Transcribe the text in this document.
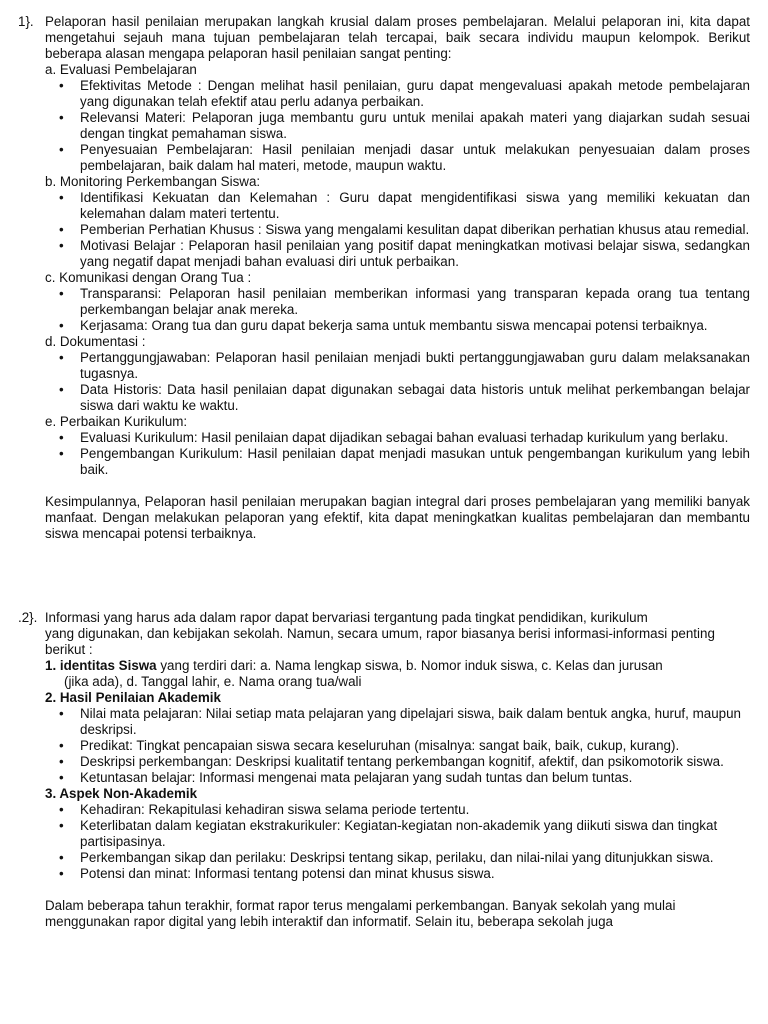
1}. Pelaporan hasil penilaian merupakan langkah krusial dalam proses pembelajaran. Melalui pelaporan ini, kita dapat mengetahui sejauh mana tujuan pembelajaran telah tercapai, baik secara individu maupun kelompok. Berikut beberapa alasan mengapa pelaporan hasil penilaian sangat penting:
a. Evaluasi Pembelajaran
• Efektivitas Metode : Dengan melihat hasil penilaian, guru dapat mengevaluasi apakah metode pembelajaran yang digunakan telah efektif atau perlu adanya perbaikan.
• Relevansi Materi: Pelaporan juga membantu guru untuk menilai apakah materi yang diajarkan sudah sesuai dengan tingkat pemahaman siswa.
• Penyesuaian Pembelajaran: Hasil penilaian menjadi dasar untuk melakukan penyesuaian dalam proses pembelajaran, baik dalam hal materi, metode, maupun waktu.
b. Monitoring Perkembangan Siswa:
• Identifikasi Kekuatan dan Kelemahan : Guru dapat mengidentifikasi siswa yang memiliki kekuatan dan kelemahan dalam materi tertentu.
• Pemberian Perhatian Khusus : Siswa yang mengalami kesulitan dapat diberikan perhatian khusus atau remedial.
• Motivasi Belajar : Pelaporan hasil penilaian yang positif dapat meningkatkan motivasi belajar siswa, sedangkan yang negatif dapat menjadi bahan evaluasi diri untuk perbaikan.
c. Komunikasi dengan Orang Tua :
• Transparansi: Pelaporan hasil penilaian memberikan informasi yang transparan kepada orang tua tentang perkembangan belajar anak mereka.
• Kerjasama: Orang tua dan guru dapat bekerja sama untuk membantu siswa mencapai potensi terbaiknya.
d. Dokumentasi :
• Pertanggungjawaban: Pelaporan hasil penilaian menjadi bukti pertanggungjawaban guru dalam melaksanakan tugasnya.
• Data Historis: Data hasil penilaian dapat digunakan sebagai data historis untuk melihat perkembangan belajar siswa dari waktu ke waktu.
e. Perbaikan Kurikulum:
• Evaluasi Kurikulum: Hasil penilaian dapat dijadikan sebagai bahan evaluasi terhadap kurikulum yang berlaku.
• Pengembangan Kurikulum: Hasil penilaian dapat menjadi masukan untuk pengembangan kurikulum yang lebih baik.
Kesimpulannya, Pelaporan hasil penilaian merupakan bagian integral dari proses pembelajaran yang memiliki banyak manfaat. Dengan melakukan pelaporan yang efektif, kita dapat meningkatkan kualitas pembelajaran dan membantu siswa mencapai potensi terbaiknya.
.2}. Informasi yang harus ada dalam rapor dapat bervariasi tergantung pada tingkat pendidikan, kurikulum
yang digunakan, dan kebijakan sekolah. Namun, secara umum, rapor biasanya berisi informasi-informasi penting berikut :
1. identitas Siswa yang terdiri dari: a. Nama lengkap siswa, b. Nomor induk siswa, c. Kelas dan jurusan
(jika ada), d. Tanggal lahir, e. Nama orang tua/wali
2. Hasil Penilaian Akademik
• Nilai mata pelajaran: Nilai setiap mata pelajaran yang dipelajari siswa, baik dalam bentuk angka, huruf, maupun deskripsi.
• Predikat: Tingkat pencapaian siswa secara keseluruhan (misalnya: sangat baik, baik, cukup, kurang).
• Deskripsi perkembangan: Deskripsi kualitatif tentang perkembangan kognitif, afektif, dan psikomotorik siswa.
• Ketuntasan belajar: Informasi mengenai mata pelajaran yang sudah tuntas dan belum tuntas.
3. Aspek Non-Akademik
• Kehadiran: Rekapitulasi kehadiran siswa selama periode tertentu.
• Keterlibatan dalam kegiatan ekstrakurikuler: Kegiatan-kegiatan non-akademik yang diikuti siswa dan tingkat partisipasinya.
• Perkembangan sikap dan perilaku: Deskripsi tentang sikap, perilaku, dan nilai-nilai yang ditunjukkan siswa.
• Potensi dan minat: Informasi tentang potensi dan minat khusus siswa.
Dalam beberapa tahun terakhir, format rapor terus mengalami perkembangan. Banyak sekolah yang mulai menggunakan rapor digital yang lebih interaktif dan informatif. Selain itu, beberapa sekolah juga
